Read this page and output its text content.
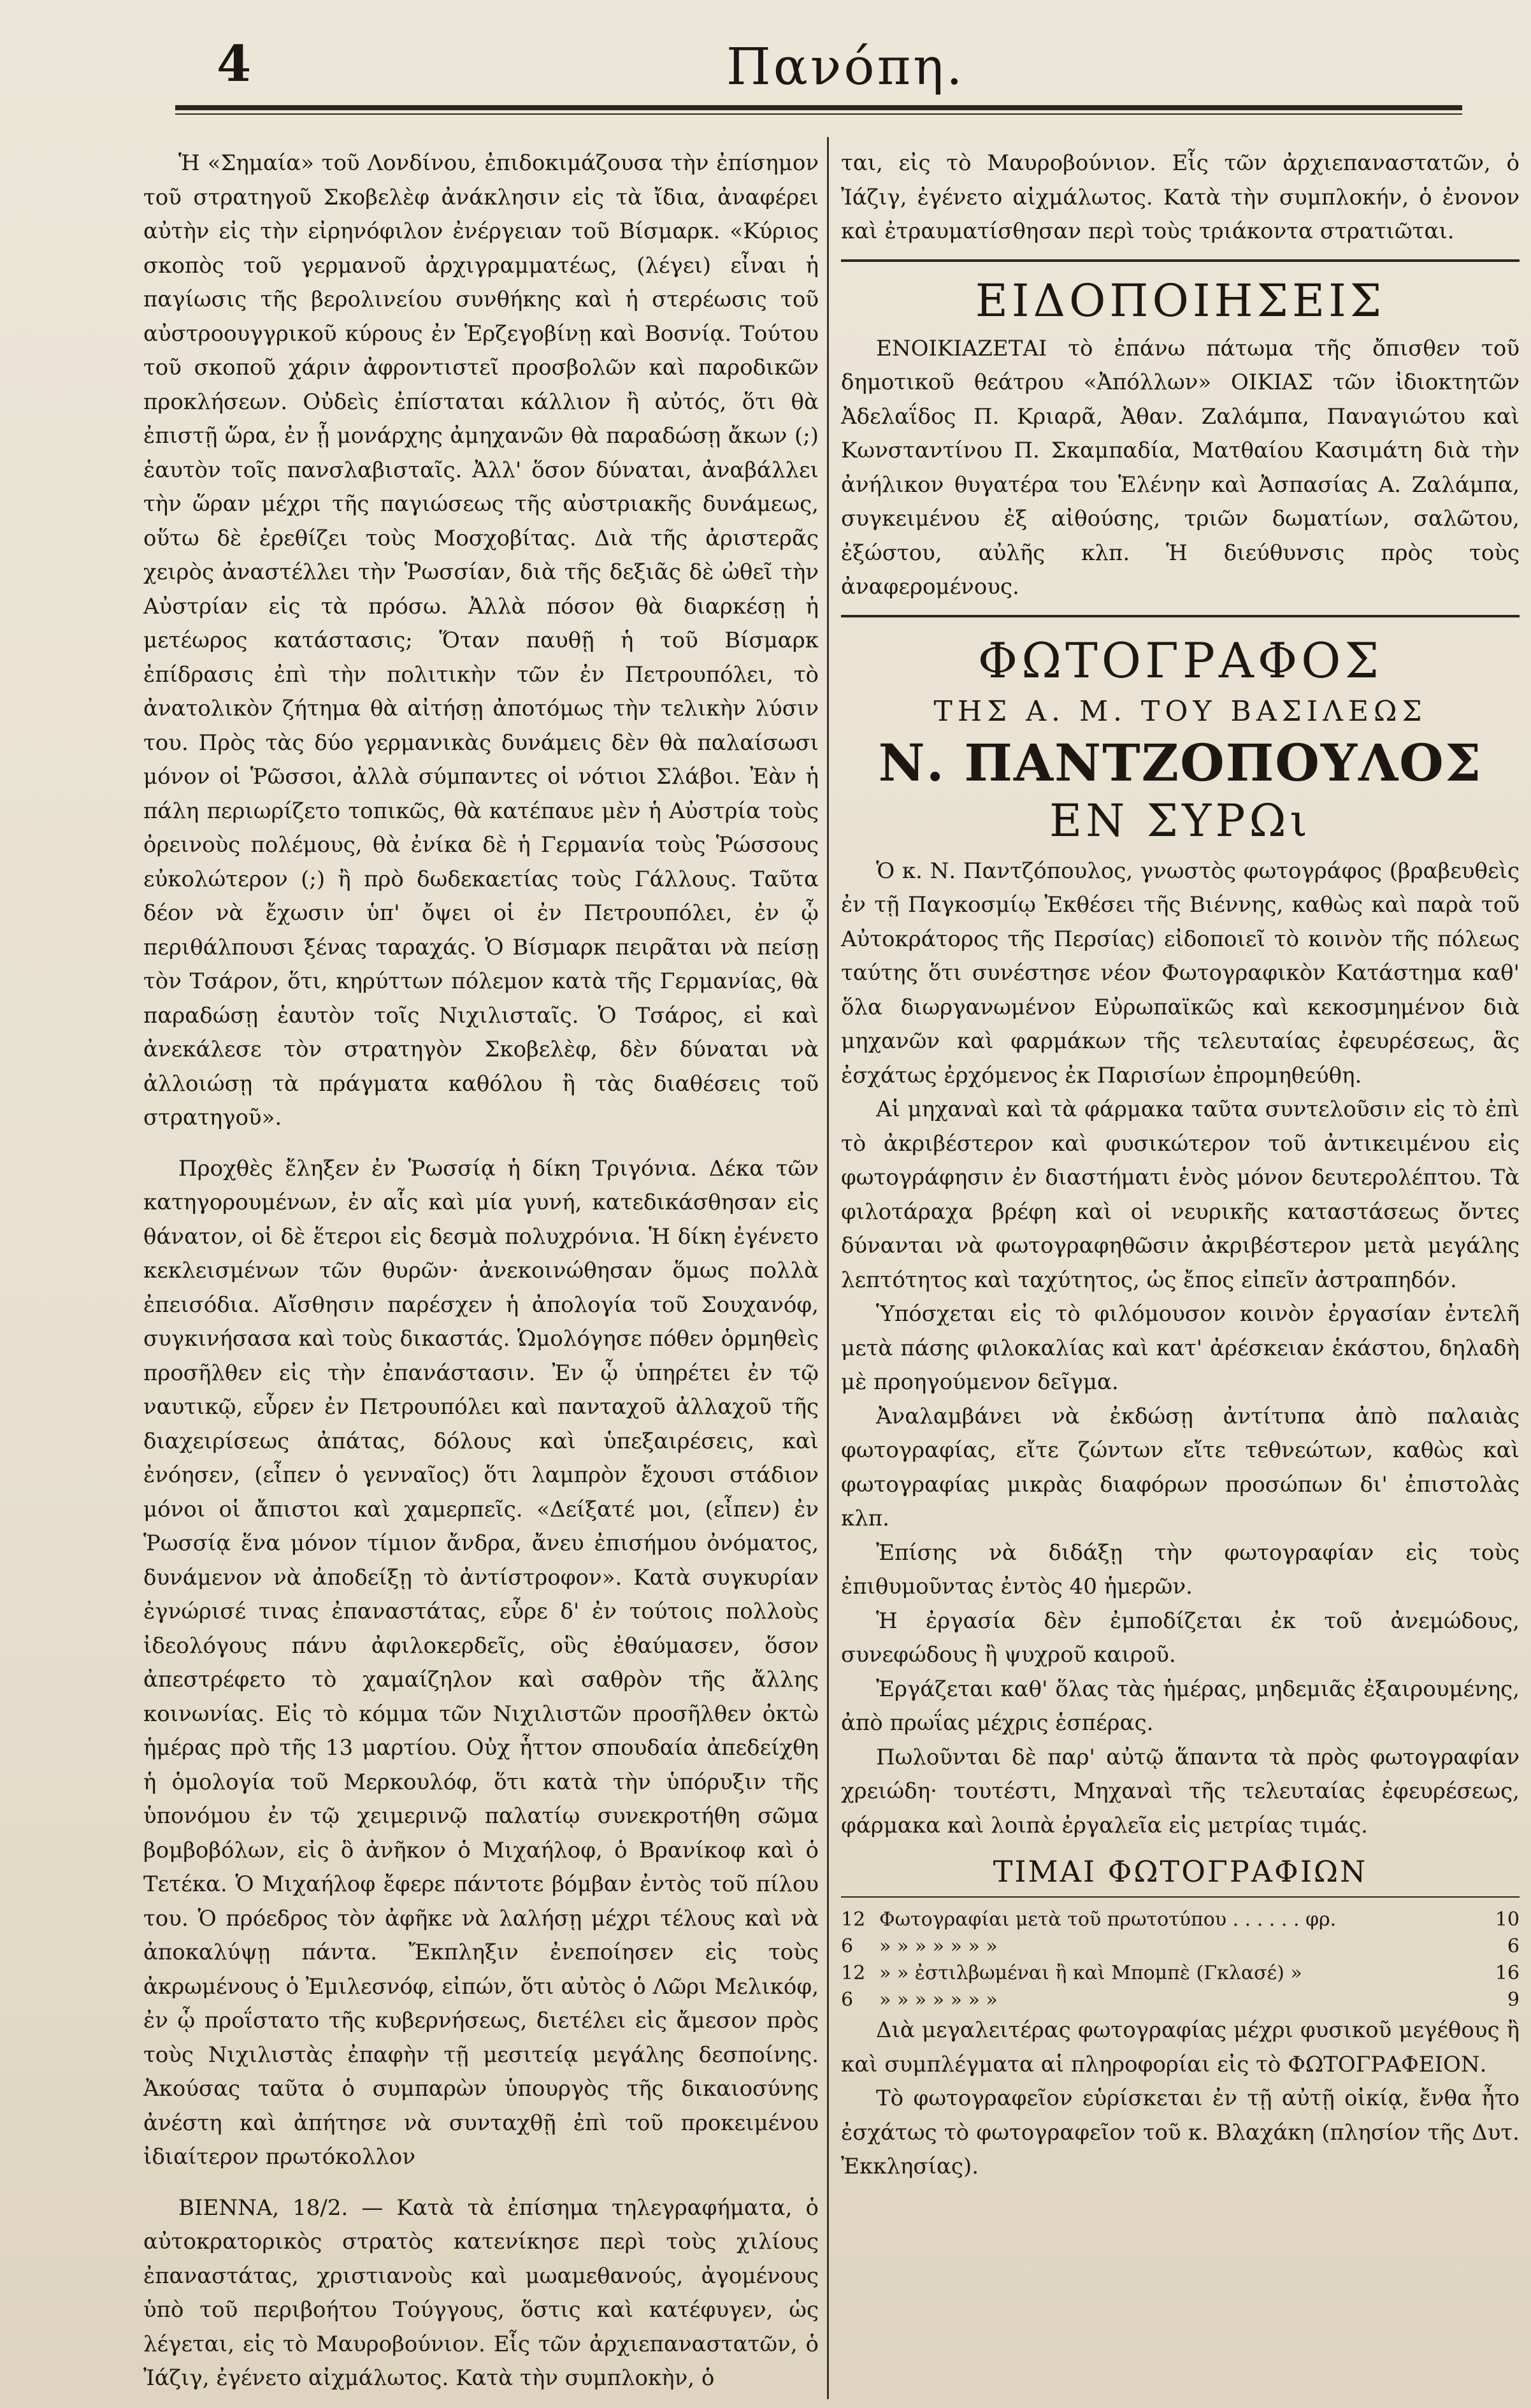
4	Πανόπη.

Ἡ «Σημαία» τοῦ Λονδίνου, ἐπιδοκιμάζουσα τὴν ἐπίσημον τοῦ στρατηγοῦ Σκοβελὲφ ἀνάκλησιν εἰς τὰ ἴδια, ἀναφέρει αὐτὴν εἰς τὴν εἰρηνόφιλον ἐνέργειαν τοῦ Βίσμαρκ. «Κύριος σκοπὸς τοῦ γερμανοῦ ἀρχιγραμματέως, (λέγει) εἶναι ἡ παγίωσις τῆς βερολινείου συνθήκης καὶ ἡ στερέωσις τοῦ αὐστροουγγρικοῦ κύρους ἐν Ἑρζεγοβίνῃ καὶ Βοσνίᾳ. Τούτου τοῦ σκοποῦ χάριν ἀφροντιστεῖ προσβολῶν καὶ παροδικῶν προκλήσεων. Οὐδεὶς ἐπίσταται κάλλιον ἢ αὐτός, ὅτι θὰ ἐπιστῇ ὥρα, ἐν ᾗ μονάρχης ἀμηχανῶν θὰ παραδώσῃ ἄκων (;) ἑαυτὸν τοῖς πανσλαβισταῖς. Ἀλλ' ὅσον δύναται, ἀναβάλλει τὴν ὥραν μέχρι τῆς παγιώσεως τῆς αὐστριακῆς δυνάμεως, οὕτω δὲ ἐρεθίζει τοὺς Μοσχοβίτας. Διὰ τῆς ἀριστερᾶς χειρὸς ἀναστέλλει τὴν Ῥωσσίαν, διὰ τῆς δεξιᾶς δὲ ὠθεῖ τὴν Αὐστρίαν εἰς τὰ πρόσω. Ἀλλὰ πόσον θὰ διαρκέσῃ ἡ μετέωρος κατάστασις; Ὅταν παυθῇ ἡ τοῦ Βίσμαρκ ἐπίδρασις ἐπὶ τὴν πολιτικὴν τῶν ἐν Πετρουπόλει, τὸ ἀνατολικὸν ζήτημα θὰ αἰτήσῃ ἀποτόμως τὴν τελικὴν λύσιν του. Πρὸς τὰς δύο γερμανικὰς δυνάμεις δὲν θὰ παλαίσωσι μόνον οἱ Ῥῶσσοι, ἀλλὰ σύμπαντες οἱ νότιοι Σλάβοι. Ἐὰν ἡ πάλη περιωρίζετο τοπικῶς, θὰ κατέπαυε μὲν ἡ Αὐστρία τοὺς ὀρεινοὺς πολέμους, θὰ ἐνίκα δὲ ἡ Γερμανία τοὺς Ῥώσσους εὐκολώτερον (;) ἢ πρὸ δωδεκαετίας τοὺς Γάλλους. Ταῦτα δέον νὰ ἔχωσιν ὑπ' ὄψει οἱ ἐν Πετρουπόλει, ἐν ᾧ περιθάλπουσι ξένας ταραχάς. Ὁ Βίσμαρκ πειρᾶται νὰ πείσῃ τὸν Τσάρον, ὅτι, κηρύττων πόλεμον κατὰ τῆς Γερμανίας, θὰ παραδώσῃ ἑαυτὸν τοῖς Νιχιλισταῖς. Ὁ Τσάρος, εἰ καὶ ἀνεκάλεσε τὸν στρατηγὸν Σκοβελὲφ, δὲν δύναται νὰ ἀλλοιώσῃ τὰ πράγματα καθόλου ἢ τὰς διαθέσεις τοῦ στρατηγοῦ».

Προχθὲς ἔληξεν ἐν Ῥωσσίᾳ ἡ δίκη Τριγόνια. Δέκα τῶν κατηγορουμένων, ἐν αἷς καὶ μία γυνή, κατεδικάσθησαν εἰς θάνατον, οἱ δὲ ἕτεροι εἰς δεσμὰ πολυχρόνια. Ἡ δίκη ἐγένετο κεκλεισμένων τῶν θυρῶν· ἀνεκοινώθησαν ὅμως πολλὰ ἐπεισόδια. Αἴσθησιν παρέσχεν ἡ ἀπολογία τοῦ Σουχανόφ, συγκινήσασα καὶ τοὺς δικαστάς. Ὡμολόγησε πόθεν ὁρμηθεὶς προσῆλθεν εἰς τὴν ἐπανάστασιν. Ἐν ᾧ ὑπηρέτει ἐν τῷ ναυτικῷ, εὗρεν ἐν Πετρουπόλει καὶ πανταχοῦ ἀλλαχοῦ τῆς διαχειρίσεως ἀπάτας, δόλους καὶ ὑπεξαιρέσεις, καὶ ἐνόησεν, (εἶπεν ὁ γενναῖος) ὅτι λαμπρὸν ἔχουσι στάδιον μόνοι οἱ ἄπιστοι καὶ χαμερπεῖς. «Δείξατέ μοι, (εἶπεν) ἐν Ῥωσσίᾳ ἕνα μόνον τίμιον ἄνδρα, ἄνευ ἐπισήμου ὀνόματος, δυνάμενον νὰ ἀποδείξῃ τὸ ἀντίστροφον». Κατὰ συγκυρίαν ἐγνώρισέ τινας ἐπαναστάτας, εὗρε δ' ἐν τούτοις πολλοὺς ἰδεολόγους πάνυ ἀφιλοκερδεῖς, οὓς ἐθαύμασεν, ὅσον ἀπεστρέφετο τὸ χαμαίζηλον καὶ σαθρὸν τῆς ἄλλης κοινωνίας. Εἰς τὸ κόμμα τῶν Νιχιλιστῶν προσῆλθεν ὀκτὼ ἡμέρας πρὸ τῆς 13 μαρτίου. Οὐχ ἧττον σπουδαία ἀπεδείχθη ἡ ὁμολογία τοῦ Μερκουλόφ, ὅτι κατὰ τὴν ὑπόρυξιν τῆς ὑπονόμου ἐν τῷ χειμερινῷ παλατίῳ συνεκροτήθη σῶμα βομβοβόλων, εἰς ὃ ἀνῆκον ὁ Μιχαήλοφ, ὁ Βρανίκοφ καὶ ὁ Τετέκα. Ὁ Μιχαήλοφ ἔφερε πάντοτε βόμβαν ἐντὸς τοῦ πίλου του. Ὁ πρόεδρος τὸν ἀφῆκε νὰ λαλήσῃ μέχρι τέλους καὶ νὰ ἀποκαλύψῃ πάντα. Ἔκπληξιν ἐνεποίησεν εἰς τοὺς ἀκρωμένους ὁ Ἐμιλεσνόφ, εἰπών, ὅτι αὐτὸς ὁ Λῶρι Μελικόφ, ἐν ᾧ προΐστατο τῆς κυβερνήσεως, διετέλει εἰς ἄμεσον πρὸς τοὺς Νιχιλιστὰς ἐπαφὴν τῇ μεσιτείᾳ μεγάλης δεσποίνης. Ἀκούσας ταῦτα ὁ συμπαρὼν ὑπουργὸς τῆς δικαιοσύνης ἀνέστη καὶ ἀπήτησε νὰ συνταχθῇ ἐπὶ τοῦ προκειμένου ἰδιαίτερον πρωτόκολλον

ΒΙΕΝΝΑ, 18/2. — Κατὰ τὰ ἐπίσημα τηλεγραφήματα, ὁ αὐτοκρατορικὸς στρατὸς κατενίκησε περὶ τοὺς χιλίους ἐπαναστάτας, χριστιανοὺς καὶ μωαμεθανούς, ἀγομένους ὑπὸ τοῦ περιβοήτου Τούγγους, ὅστις καὶ κατέφυγεν, ὡς λέγεται, εἰς τὸ Μαυροβούνιον. Εἷς τῶν ἀρχιεπαναστατῶν, ὁ Ἰάζιγ, ἐγένετο αἰχμάλωτος. Κατὰ τὴν συμπλοκὴν, ὁ

ται, εἰς τὸ Μαυροβούνιον. Εἷς τῶν ἀρχιεπαναστατῶν, ὁ Ἰάζιγ, ἐγένετο αἰχμάλωτος. Κατὰ τὴν συμπλοκήν, ὁ ἐνονον καὶ ἐτραυματίσθησαν περὶ τοὺς τριάκοντα στρατιῶται.

ΕΙΔΟΠΟΙΗΣΕΙΣ

ΕΝΟΙΚΙΑΖΕΤΑΙ τὸ ἐπάνω πάτωμα τῆς ὄπισθεν τοῦ δημοτικοῦ θεάτρου «Ἀπόλλων» ΟΙΚΙΑΣ τῶν ἰδιοκτητῶν Ἀδελαΐδος Π. Κριαρᾶ, Ἀθαν. Ζαλάμπα, Παναγιώτου καὶ Κωνσταντίνου Π. Σκαμπαδία, Ματθαίου Κασιμάτη διὰ τὴν ἀνήλικον θυγατέρα του Ἑλένην καὶ Ἀσπασίας Α. Ζαλάμπα, συγκειμένου ἐξ αἰθούσης, τριῶν δωματίων, σαλῶτου, ἐξώστου, αὐλῆς κλπ. Ἡ διεύθυνσις πρὸς τοὺς ἀναφερομένους.

ΦΩΤΟΓΡΑΦΟΣ
ΤΗΣ Α. Μ. ΤΟΥ ΒΑΣΙΛΕΩΣ
Ν. ΠΑΝΤΖΟΠΟΥΛΟΣ
ΕΝ ΣΥΡΩι

Ὁ κ. Ν. Παντζόπουλος, γνωστὸς φωτογράφος (βραβευθεὶς ἐν τῇ Παγκοσμίῳ Ἐκθέσει τῆς Βιέννης, καθὼς καὶ παρὰ τοῦ Αὐτοκράτορος τῆς Περσίας) εἰδοποιεῖ τὸ κοινὸν τῆς πόλεως ταύτης ὅτι συνέστησε νέον Φωτογραφικὸν Κατάστημα καθ' ὅλα διωργανωμένον Εὐρωπαϊκῶς καὶ κεκοσμημένον διὰ μηχανῶν καὶ φαρμάκων τῆς τελευταίας ἐφευρέσεως, ἃς ἐσχάτως ἐρχόμενος ἐκ Παρισίων ἐπρομηθεύθη.

Αἱ μηχαναὶ καὶ τὰ φάρμακα ταῦτα συντελοῦσιν εἰς τὸ ἐπὶ τὸ ἀκριβέστερον καὶ φυσικώτερον τοῦ ἀντικειμένου εἰς φωτογράφησιν ἐν διαστήματι ἑνὸς μόνον δευτερολέπτου. Τὰ φιλοτάραχα βρέφη καὶ οἱ νευρικῆς καταστάσεως ὄντες δύνανται νὰ φωτογραφηθῶσιν ἀκριβέστερον μετὰ μεγάλης λεπτότητος καὶ ταχύτητος, ὡς ἔπος εἰπεῖν ἀστραπηδόν.

Ὑπόσχεται εἰς τὸ φιλόμουσον κοινὸν ἐργασίαν ἐντελῆ μετὰ πάσης φιλοκαλίας καὶ κατ' ἀρέσκειαν ἑκάστου, δηλαδὴ μὲ προηγούμενον δεῖγμα.

Ἀναλαμβάνει νὰ ἐκδώσῃ ἀντίτυπα ἀπὸ παλαιὰς φωτογραφίας, εἴτε ζώντων εἴτε τεθνεώτων, καθὼς καὶ φωτογραφίας μικρὰς διαφόρων προσώπων δι' ἐπιστολὰς κλπ.

Ἐπίσης νὰ διδάξῃ τὴν φωτογραφίαν εἰς τοὺς ἐπιθυμοῦντας ἐντὸς 40 ἡμερῶν.

Ἡ ἐργασία δὲν ἐμποδίζεται ἐκ τοῦ ἀνεμώδους, συνεφώδους ἢ ψυχροῦ καιροῦ.

Ἐργάζεται καθ' ὅλας τὰς ἡμέρας, μηδεμιᾶς ἐξαιρουμένης, ἀπὸ πρωΐας μέχρις ἑσπέρας.

Πωλοῦνται δὲ παρ' αὐτῷ ἅπαντα τὰ πρὸς φωτογραφίαν χρειώδη· τουτέστι, Μηχαναὶ τῆς τελευταίας ἐφευρέσεως, φάρμακα καὶ λοιπὰ ἐργαλεῖα εἰς μετρίας τιμάς.

ΤΙΜΑΙ ΦΩΤΟΓΡΑΦΙΩΝ
12 Φωτογραφίαι μετὰ τοῦ πρωτοτύπου . . . . . . φρ.	10
6	» » » » » » »	6
12 » » ἐστιλβωμέναι ἢ καὶ Μπομπὲ (Γκλασέ) »	16
6	» » » » » » »	9

Διὰ μεγαλειτέρας φωτογραφίας μέχρι φυσικοῦ μεγέθους ἢ καὶ συμπλέγματα αἱ πληροφορίαι εἰς τὸ ΦΩΤΟΓΡΑΦΕΙΟΝ.

Τὸ φωτογραφεῖον εὑρίσκεται ἐν τῇ αὐτῇ οἰκίᾳ, ἔνθα ἦτο ἐσχάτως τὸ φωτογραφεῖον τοῦ κ. Βλαχάκη (πλησίον τῆς Δυτ. Ἐκκλησίας).
